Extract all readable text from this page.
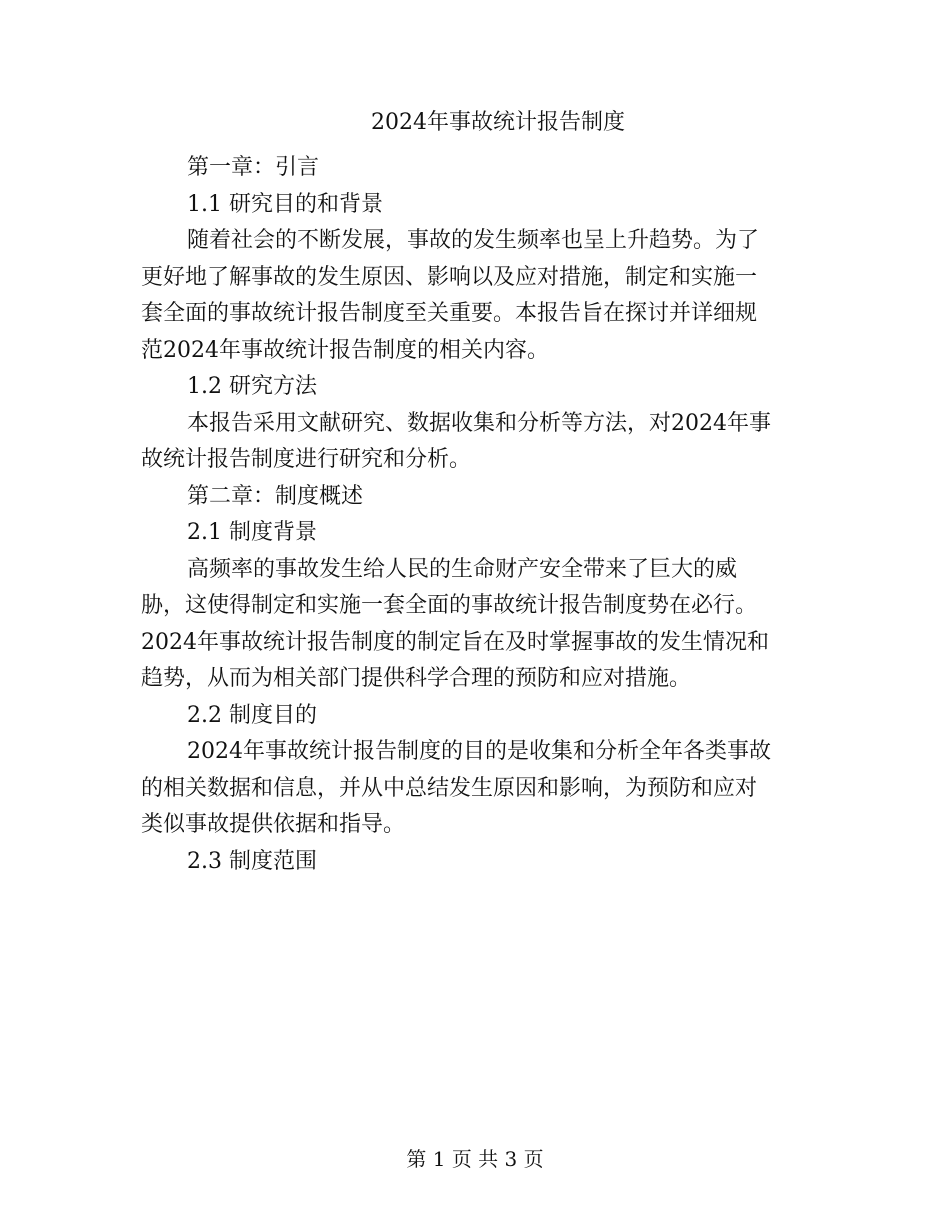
2024年事故统计报告制度
第一章：引言
1.1 研究目的和背景
随着社会的不断发展，事故的发生频率也呈上升趋势。为了
更好地了解事故的发生原因、影响以及应对措施，制定和实施一
套全面的事故统计报告制度至关重要。本报告旨在探讨并详细规
范2024年事故统计报告制度的相关内容。
1.2 研究方法
本报告采用文献研究、数据收集和分析等方法，对2024年事
故统计报告制度进行研究和分析。
第二章：制度概述
2.1 制度背景
高频率的事故发生给人民的生命财产安全带来了巨大的威
胁，这使得制定和实施一套全面的事故统计报告制度势在必行。
2024年事故统计报告制度的制定旨在及时掌握事故的发生情况和
趋势，从而为相关部门提供科学合理的预防和应对措施。
2.2 制度目的
2024年事故统计报告制度的目的是收集和分析全年各类事故
的相关数据和信息，并从中总结发生原因和影响，为预防和应对
类似事故提供依据和指导。
2.3 制度范围
第 1 页 共 3 页
